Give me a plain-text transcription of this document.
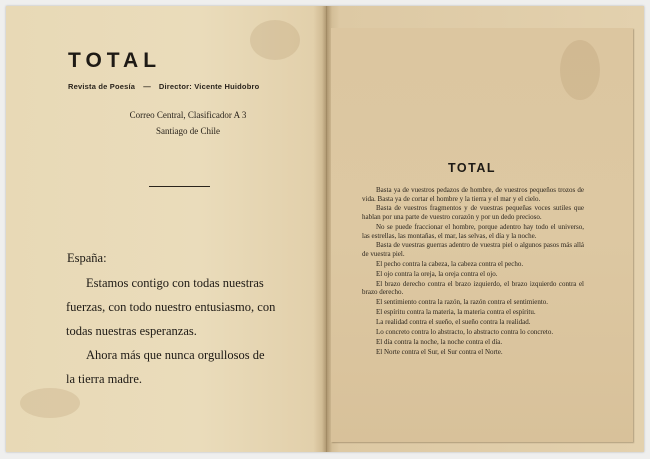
TOTAL
Revista de Poesía — Director: Vicente Huidobro
Correo Central, Clasificador A 3
Santiago de Chile
España:
Estamos contigo con todas nuestras
fuerzas, con todo nuestro entusiasmo, con
todas nuestras esperanzas.
Ahora más que nunca orgullosos de
la tierra madre.
TOTAL

Basta ya de vuestros pedazos de hombre, de vuestros pequeños trozos de vida. Basta ya de cortar el hombre y la tierra y el mar y el cielo.

Basta de vuestros fragmentos y de vuestras pequeñas voces sutiles que hablan por una parte de vuestro corazón y por un dedo precioso.

No se puede fraccionar el hombre, porque adentro hay todo el universo, las estrellas, las montañas, el mar, las selvas, el día y la noche.

Basta de vuestras guerras adentro de vuestra piel o algunos pasos más allá de vuestra piel.

El pecho contra la cabeza, la cabeza contra el pecho.

El ojo contra la oreja, la oreja contra el ojo.

El brazo derecho contra el brazo izquierdo, el brazo izquierdo contra el brazo derecho.

El sentimiento contra la razón, la razón contra el sentimiento.

El espíritu contra la materia, la materia contra el espíritu.

La realidad contra el sueño, el sueño contra la realidad.

Lo concreto contra lo abstracto, lo abstracto contra lo concreto.

El día contra la noche, la noche contra el día.

El Norte contra el Sur, el Sur contra el Norte.
